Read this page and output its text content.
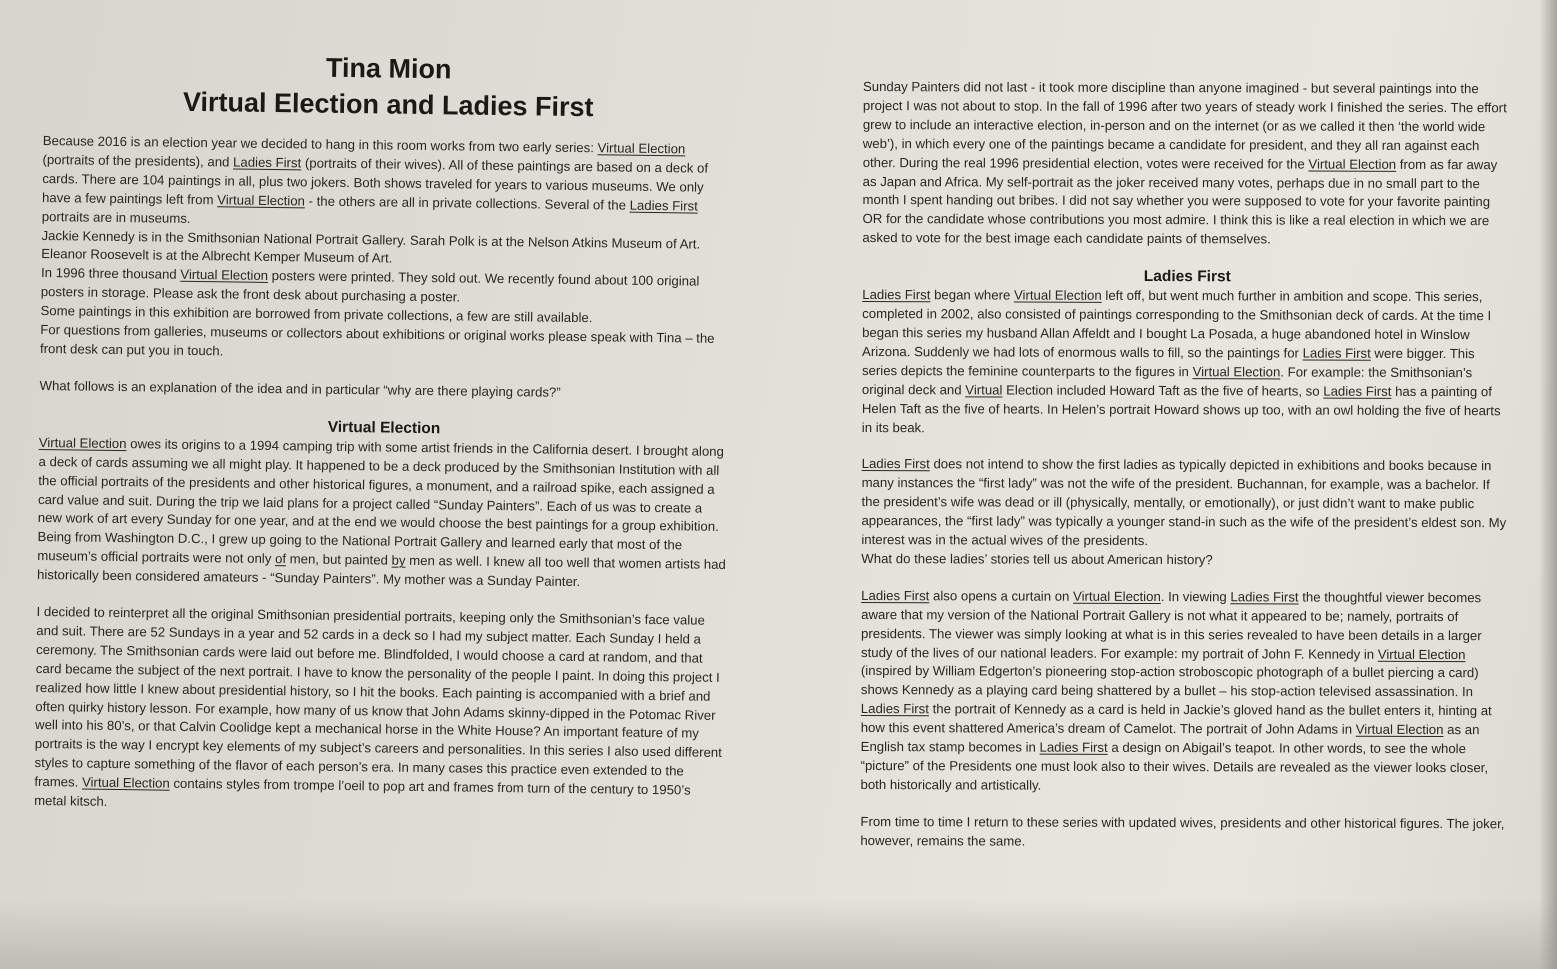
Tina Mion
Virtual Election and Ladies First

Because 2016 is an election year we decided to hang in this room works from two early series: Virtual Election (portraits of the presidents), and Ladies First (portraits of their wives). All of these paintings are based on a deck of cards. There are 104 paintings in all, plus two jokers. Both shows traveled for years to various museums. We only have a few paintings left from Virtual Election - the others are all in private collections. Several of the Ladies First portraits are in museums.

Jackie Kennedy is in the Smithsonian National Portrait Gallery. Sarah Polk is at the Nelson Atkins Museum of Art. Eleanor Roosevelt is at the Albrecht Kemper Museum of Art.

In 1996 three thousand Virtual Election posters were printed. They sold out. We recently found about 100 original posters in storage. Please ask the front desk about purchasing a poster.

Some paintings in this exhibition are borrowed from private collections, a few are still available.

For questions from galleries, museums or collectors about exhibitions or original works please speak with Tina – the front desk can put you in touch.

What follows is an explanation of the idea and in particular “why are there playing cards?”

Virtual Election

Virtual Election owes its origins to a 1994 camping trip with some artist friends in the California desert. I brought along a deck of cards assuming we all might play. It happened to be a deck produced by the Smithsonian Institution with all the official portraits of the presidents and other historical figures, a monument, and a railroad spike, each assigned a card value and suit. During the trip we laid plans for a project called “Sunday Painters”. Each of us was to create a new work of art every Sunday for one year, and at the end we would choose the best paintings for a group exhibition. Being from Washington D.C., I grew up going to the National Portrait Gallery and learned early that most of the museum’s official portraits were not only of men, but painted by men as well. I knew all too well that women artists had historically been considered amateurs - “Sunday Painters”. My mother was a Sunday Painter.

I decided to reinterpret all the original Smithsonian presidential portraits, keeping only the Smithsonian’s face value and suit. There are 52 Sundays in a year and 52 cards in a deck so I had my subject matter. Each Sunday I held a ceremony. The Smithsonian cards were laid out before me. Blindfolded, I would choose a card at random, and that card became the subject of the next portrait. I have to know the personality of the people I paint. In doing this project I realized how little I knew about presidential history, so I hit the books. Each painting is accompanied with a brief and often quirky history lesson. For example, how many of us know that John Adams skinny-dipped in the Potomac River well into his 80’s, or that Calvin Coolidge kept a mechanical horse in the White House? An important feature of my portraits is the way I encrypt key elements of my subject’s careers and personalities. In this series I also used different styles to capture something of the flavor of each person’s era. In many cases this practice even extended to the frames. Virtual Election contains styles from trompe l’oeil to pop art and frames from turn of the century to 1950’s metal kitsch.

Sunday Painters did not last - it took more discipline than anyone imagined - but several paintings into the project I was not about to stop. In the fall of 1996 after two years of steady work I finished the series. The effort grew to include an interactive election, in-person and on the internet (or as we called it then ‘the world wide web’), in which every one of the paintings became a candidate for president, and they all ran against each other. During the real 1996 presidential election, votes were received for the Virtual Election from as far away as Japan and Africa. My self-portrait as the joker received many votes, perhaps due in no small part to the month I spent handing out bribes. I did not say whether you were supposed to vote for your favorite painting OR for the candidate whose contributions you most admire. I think this is like a real election in which we are asked to vote for the best image each candidate paints of themselves.

Ladies First

Ladies First began where Virtual Election left off, but went much further in ambition and scope. This series, completed in 2002, also consisted of paintings corresponding to the Smithsonian deck of cards. At the time I began this series my husband Allan Affeldt and I bought La Posada, a huge abandoned hotel in Winslow Arizona. Suddenly we had lots of enormous walls to fill, so the paintings for Ladies First were bigger. This series depicts the feminine counterparts to the figures in Virtual Election. For example: the Smithsonian’s original deck and Virtual Election included Howard Taft as the five of hearts, so Ladies First has a painting of Helen Taft as the five of hearts. In Helen’s portrait Howard shows up too, with an owl holding the five of hearts in its beak.

Ladies First does not intend to show the first ladies as typically depicted in exhibitions and books because in many instances the “first lady” was not the wife of the president. Buchannan, for example, was a bachelor. If the president’s wife was dead or ill (physically, mentally, or emotionally), or just didn’t want to make public appearances, the “first lady” was typically a younger stand-in such as the wife of the president’s eldest son. My interest was in the actual wives of the presidents.

What do these ladies’ stories tell us about American history?

Ladies First also opens a curtain on Virtual Election. In viewing Ladies First the thoughtful viewer becomes aware that my version of the National Portrait Gallery is not what it appeared to be; namely, portraits of presidents. The viewer was simply looking at what is in this series revealed to have been details in a larger study of the lives of our national leaders. For example: my portrait of John F. Kennedy in Virtual Election (inspired by William Edgerton’s pioneering stop-action stroboscopic photograph of a bullet piercing a card) shows Kennedy as a playing card being shattered by a bullet – his stop-action televised assassination. In Ladies First the portrait of Kennedy as a card is held in Jackie’s gloved hand as the bullet enters it, hinting at how this event shattered America’s dream of Camelot. The portrait of John Adams in Virtual Election as an English tax stamp becomes in Ladies First a design on Abigail’s teapot. In other words, to see the whole “picture” of the Presidents one must look also to their wives. Details are revealed as the viewer looks closer, both historically and artistically.

From time to time I return to these series with updated wives, presidents and other historical figures. The joker, however, remains the same.
